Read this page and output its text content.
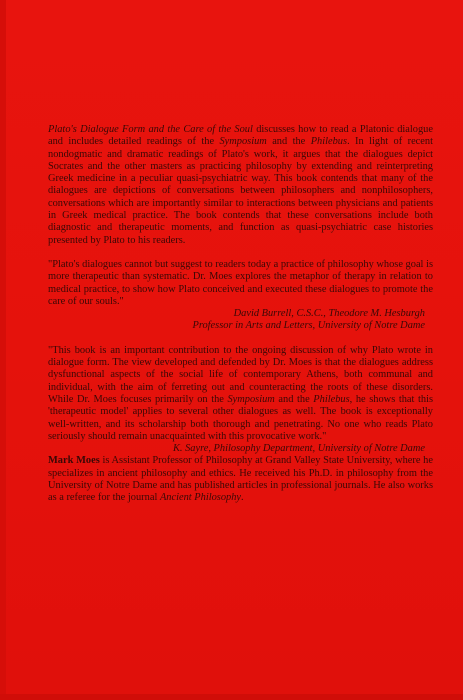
Plato's Dialogue Form and the Care of the Soul discusses how to read a Platonic dialogue and includes detailed readings of the Symposium and the Philebus. In light of recent nondogmatic and dramatic readings of Plato's work, it argues that the dialogues depict Socrates and the other masters as practicing philosophy by extending and reinterpreting Greek medicine in a peculiar quasi-psychiatric way. This book contends that many of the dialogues are depictions of conversations between philosophers and nonphilosophers, conversations which are importantly similar to interactions between physicians and patients in Greek medical practice. The book contends that these conversations include both diagnostic and therapeutic moments, and function as quasi-psychiatric case histories presented by Plato to his readers.

"Plato's dialogues cannot but suggest to readers today a practice of philosophy whose goal is more therapeutic than systematic. Dr. Moes explores the metaphor of therapy in relation to medical practice, to show how Plato conceived and executed these dialogues to promote the care of our souls."

David Burrell, C.S.C., Theodore M. Hesburgh

Professor in Arts and Letters, University of Notre Dame

"This book is an important contribution to the ongoing discussion of why Plato wrote in dialogue form. The view developed and defended by Dr. Moes is that the dialogues address dysfunctional aspects of the social life of contemporary Athens, both communal and individual, with the aim of ferreting out and counteracting the roots of these disorders. While Dr. Moes focuses primarily on the Symposium and the Philebus, he shows that this 'therapeutic model' applies to several other dialogues as well. The book is exceptionally well-written, and its scholarship both thorough and penetrating. No one who reads Plato seriously should remain unacquainted with this provocative work."

K. Sayre, Philosophy Department, University of Notre Dame

Mark Moes is Assistant Professor of Philosophy at Grand Valley State University, where he specializes in ancient philosophy and ethics. He received his Ph.D. in philosophy from the University of Notre Dame and has published articles in professional journals. He also works as a referee for the journal Ancient Philosophy.
